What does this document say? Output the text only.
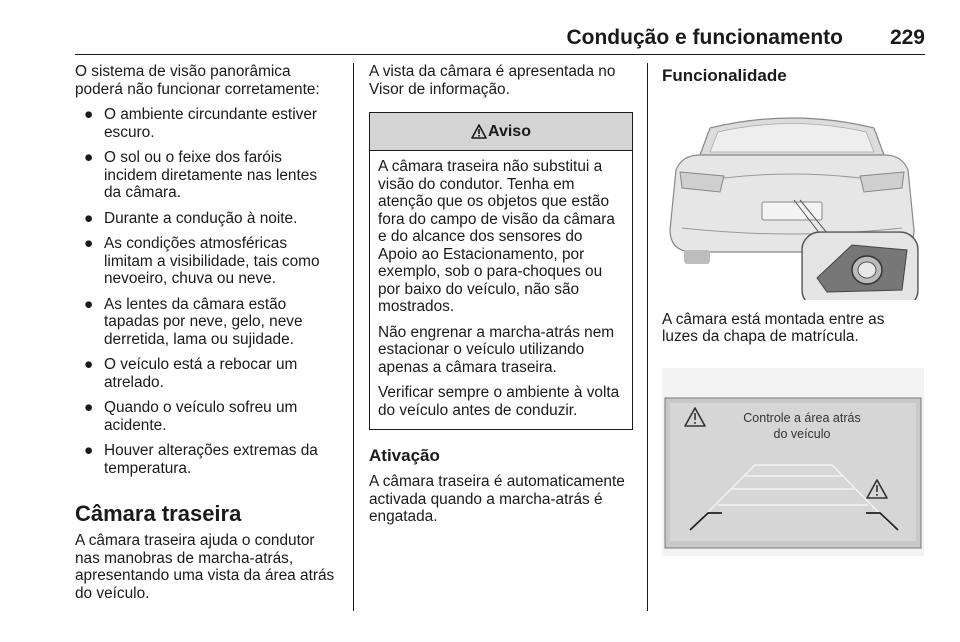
Condução e funcionamento 229

O sistema de visão panorâmica poderá não funcionar corretamente:

● O ambiente circundante estiver escuro.
● O sol ou o feixe dos faróis incidem diretamente nas lentes da câmara.
● Durante a condução à noite.
● As condições atmosféricas limitam a visibilidade, tais como nevoeiro, chuva ou neve.
● As lentes da câmara estão tapadas por neve, gelo, neve derretida, lama ou sujidade.
● O veículo está a rebocar um atrelado.
● Quando o veículo sofreu um acidente.
● Houver alterações extremas da temperatura.
Câmara traseira

A câmara traseira ajuda o condutor nas manobras de marcha-atrás, apresentando uma vista da área atrás do veículo.

A vista da câmara é apresentada no Visor de informação.

Aviso

A câmara traseira não substitui a visão do condutor. Tenha em atenção que os objetos que estão fora do campo de visão da câmara e do alcance dos sensores do Apoio ao Estacionamento, por exemplo, sob o para-choques ou por baixo do veículo, não são mostrados.

Não engrenar a marcha-atrás nem estacionar o veículo utilizando apenas a câmara traseira.

Verificar sempre o ambiente à volta do veículo antes de conduzir.

Ativação

A câmara traseira é automaticamente activada quando a marcha-atrás é engatada.

Funcionalidade

A câmara está montada entre as luzes da chapa de matrícula.

Controle a área atrás
do veículo
